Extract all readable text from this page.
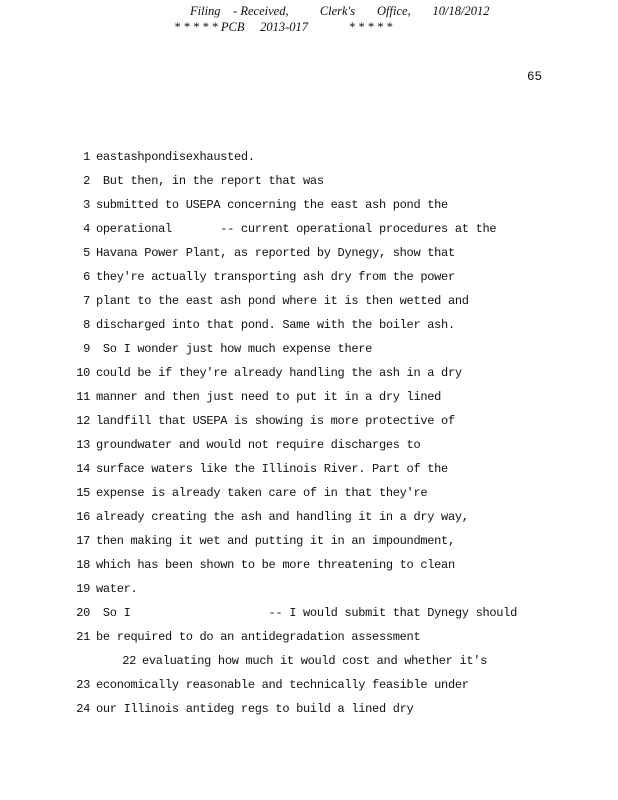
Filing    - Received,          Clerk's       Office,       10/18/2012
* * * * * PCB     2013-017             * * * * *
65
1 eastashpondisexhausted.
2 But then, in the report that was
3 submitted to USEPA concerning the east ash pond the
4 operational       -- current operational procedures at the
5 Havana Power Plant, as reported by Dynegy, show that
6 they're actually transporting ash dry from the power
7 plant to the east ash pond where it is then wetted and
8 discharged into that pond. Same with the boiler ash.
9 So I wonder just how much expense there
10 could be if they're already handling the ash in a dry
11 manner and then just need to put it in a dry lined
12 landfill that USEPA is showing is more protective of
13 groundwater and would not require discharges to
14 surface waters like the Illinois River. Part of the
15 expense is already taken care of in that they're
16 already creating the ash and handling it in a dry way,
17 then making it wet and putting it in an impoundment,
18 which has been shown to be more threatening to clean
19 water.
20 So I                    -- I would submit that Dynegy should
21 be required to do an antidegradation assessment
22 evaluating how much it would cost and whether it's
23 economically reasonable and technically feasible under
24 our Illinois antideg regs to build a lined dry
